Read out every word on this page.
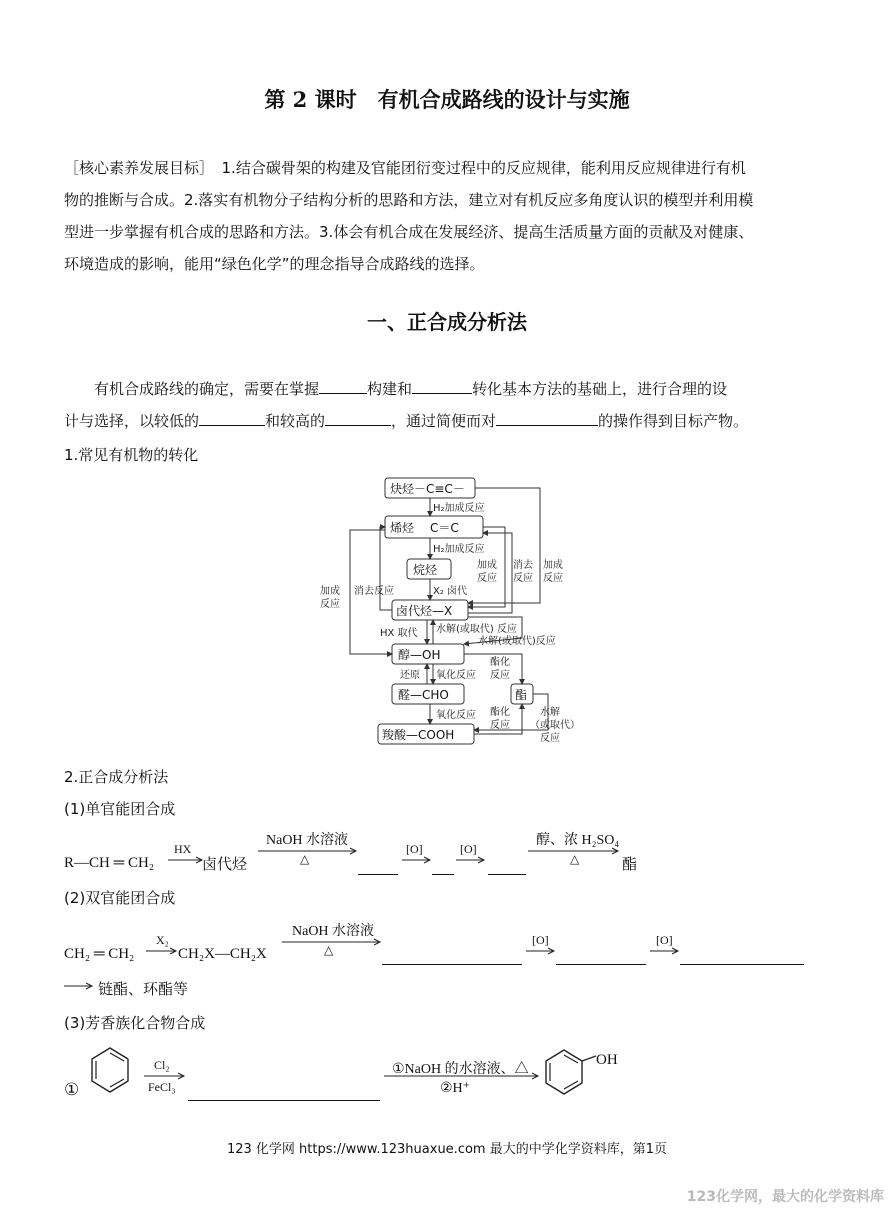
第 2 课时　有机合成路线的设计与实施
［核心素养发展目标］　1.结合碳骨架的构建及官能团衍变过程中的反应规律，能利用反应规律进行有机
物的推断与合成。2.落实有机物分子结构分析的思路和方法，建立对有机反应多角度认识的模型并利用模
型进一步掌握有机合成的思路和方法。3.体会有机合成在发展经济、提高生活质量方面的贡献及对健康、
环境造成的影响，能用“绿色化学”的理念指导合成路线的选择。
一、正合成分析法
有机合成路线的确定，需要在掌握	构建和	转化基本方法的基础上，进行合理的设
计与选择，以较低的	和较高的	，通过简便而对	的操作得到目标产物。
1.常见有机物的转化
炔烃－C≡C－
烯烃 C＝C
烷烃
卤代烃—X
醇—OH
醛—CHO	酯
羧酸—COOH
H₂加成反应
H₂加成反应
X₂ 卤代
消去反应
加成
反应
加成
反应
消去
反应
加成
反应
HX 取代 水解(或取代) 反应
水解(或取代)反应
酯化
反应
还原 氧化反应
氧化反应 酯化
反应
水解
（或取代）
反应
2.正合成分析法
(1)单官能团合成
R—CH ═ CH₂
HX
卤代烃
NaOH 水溶液
△
[O]	[O]
醇、浓 H₂SO₄
△	酯
(2)双官能团合成
CH₂ ═ CH₂
X₂
CH₂X—CH₂X
NaOH 水溶液
△
[O]	[O]
链酯、环酯等
(3)芳香族化合物合成
①
Cl₂
FeCl₃
①NaOH 的水溶液、△
②H⁺
OH
123 化学网 https://www.123huaxue.com 最大的中学化学资料库，第1页
123化学网，最大的化学资料库
